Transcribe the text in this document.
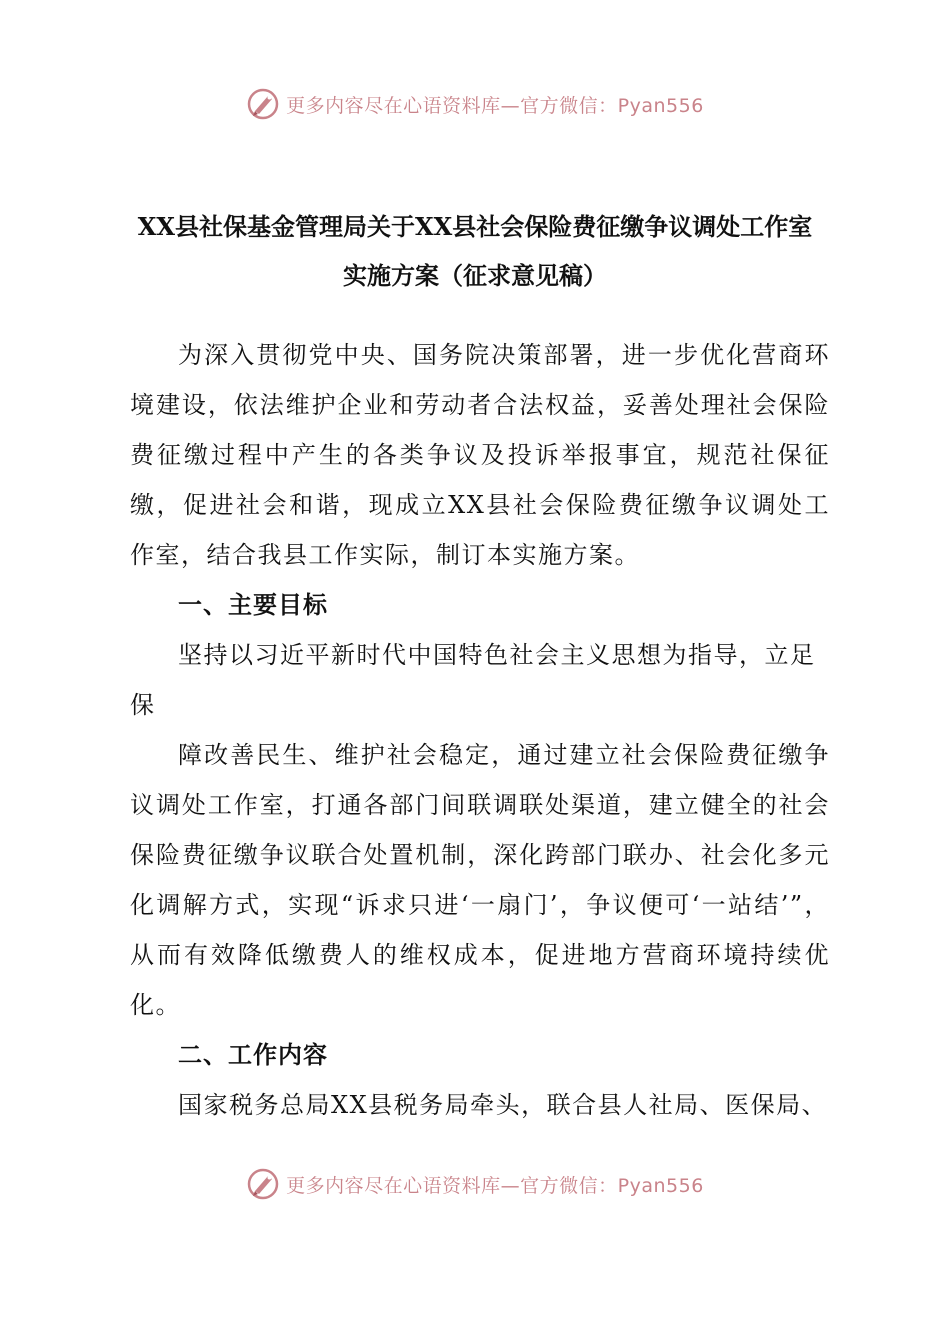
更多内容尽在心语资料库—官方微信：Pyan556
XX县社保基金管理局关于XX县社会保险费征缴争议调处工作室
实施方案（征求意见稿）

为深入贯彻党中央、国务院决策部署，进一步优化营商环境建设，依法维护企业和劳动者合法权益，妥善处理社会保险费征缴过程中产生的各类争议及投诉举报事宜，规范社保征缴，促进社会和谐，现成立XX县社会保险费征缴争议调处工作室，结合我县工作实际，制订本实施方案。

一、主要目标

坚持以习近平新时代中国特色社会主义思想为指导，立足
保

障改善民生、维护社会稳定，通过建立社会保险费征缴争议调处工作室，打通各部门间联调联处渠道，建立健全的社会保险费征缴争议联合处置机制，深化跨部门联办、社会化多元化调解方式，实现“诉求只进‘一扇门’，争议便可‘一站结’”，从而有效降低缴费人的维权成本，促进地方营商环境持续优化。

二、工作内容

国家税务总局XX县税务局牵头，联合县人社局、医保局、

更多内容尽在心语资料库—官方微信：Pyan556
